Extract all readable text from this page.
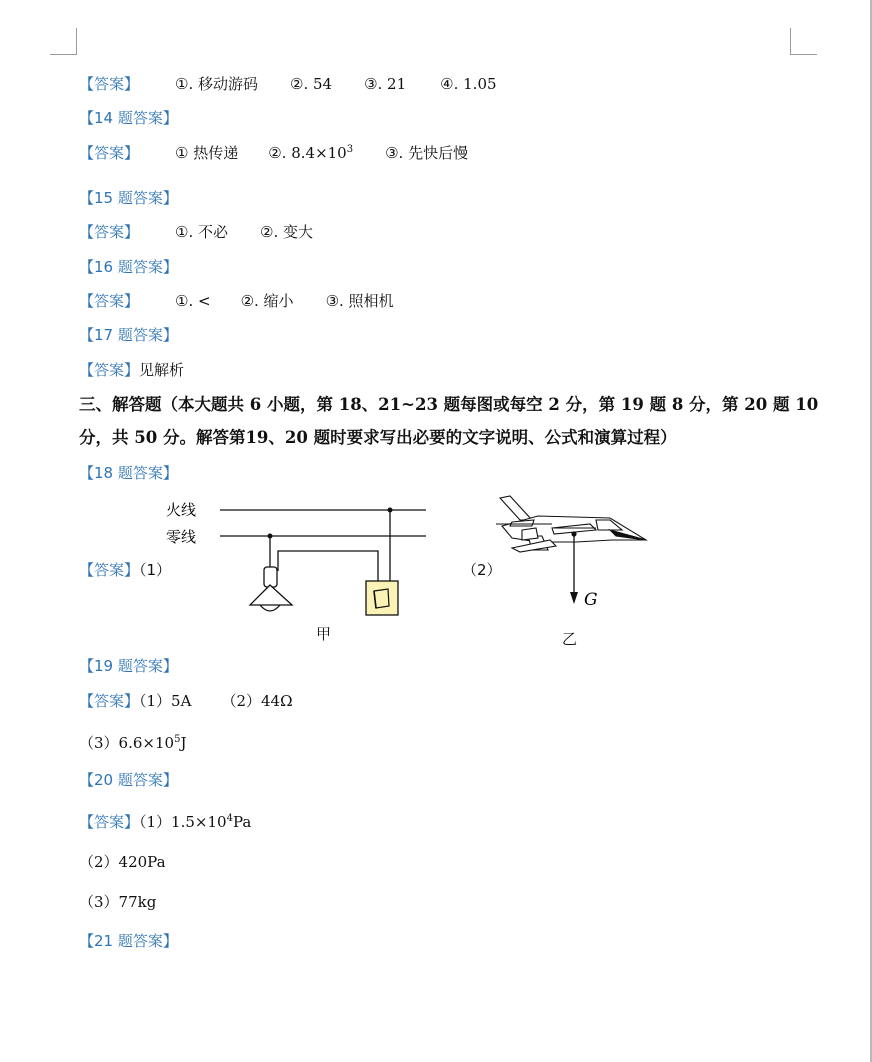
【答案】 ①. 移动游码 ②. 54 ③. 21 ④. 1.05
【14 题答案】
【答案】 ① 热传递 ②. $8.4\times 10^3$ ③. 先快后慢
【15 题答案】
【答案】 ①. 不必 ②. 变大
【16 题答案】
【答案】 ①. < ②. 缩小 ③. 照相机
【17 题答案】
【答案】见解析
三、解答题（本大题共 6 小题，第 18、21~23 题每图或每空 2 分，第 19 题 8 分，第 20 题 10
分，共 50 分。解答第19、20 题时要求写出必要的文字说明、公式和演算过程）
【18 题答案】
【答案】（1）	（2）
火线
零线
甲
G
乙
【19 题答案】
【答案】（1）5A （2）44Ω
$(3)6.6\times 10^5J$
【20 题答案】
【答案】$(1)1.5\times 10^4Pa$
（2）420Pa
（3）77kg
【21 题答案】
